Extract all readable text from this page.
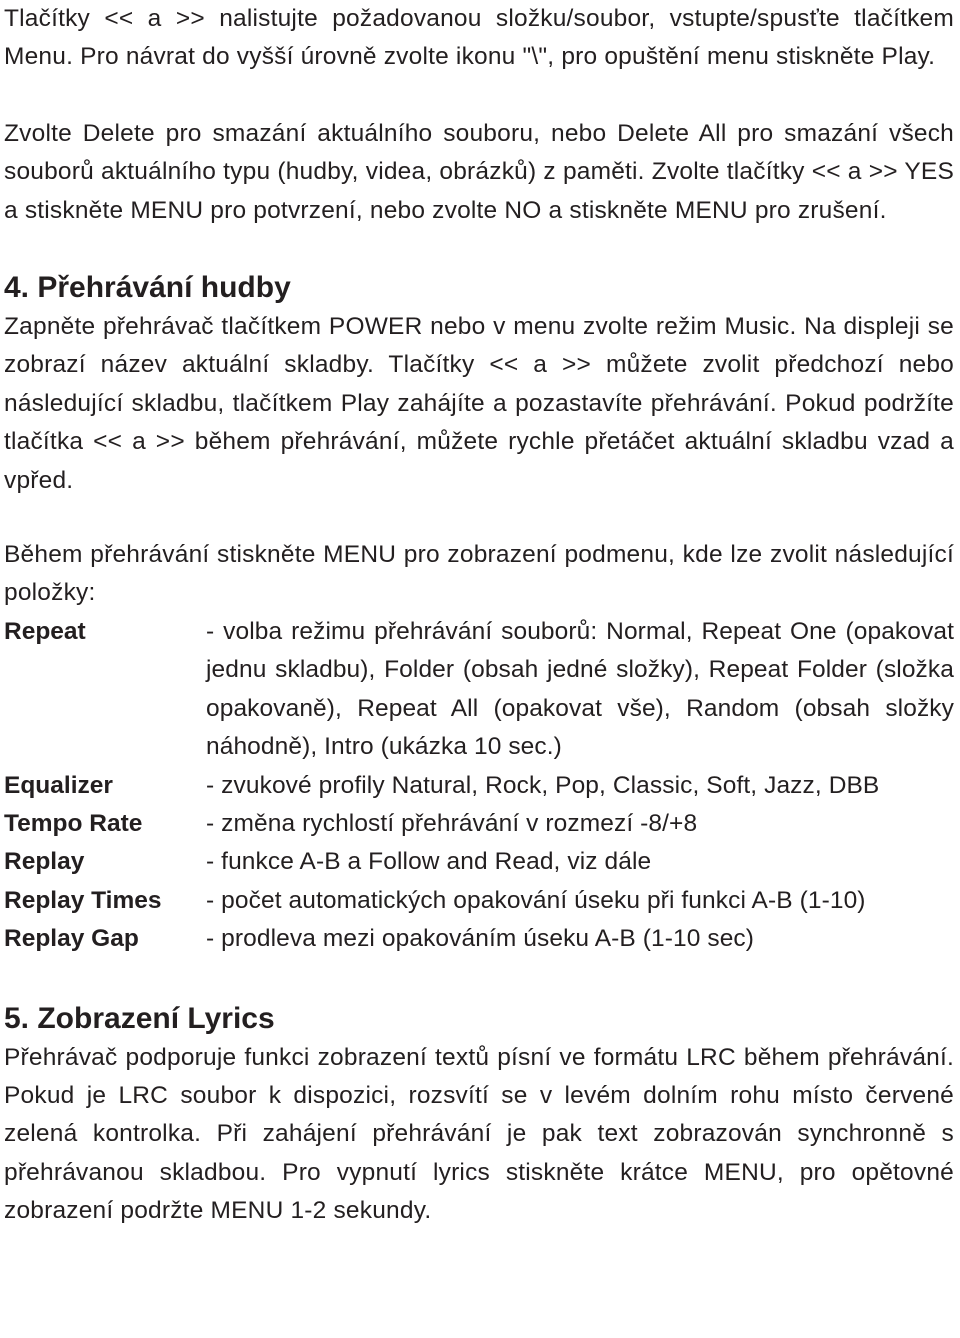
Tlačítky << a >> nalistujte požadovanou složku/soubor, vstupte/spusťte tlačítkem Menu. Pro návrat do vyšší úrovně zvolte ikonu "\", pro opuštění menu stiskněte Play.

Zvolte Delete pro smazání aktuálního souboru, nebo Delete All pro smazání všech souborů aktuálního typu (hudby, videa, obrázků) z paměti. Zvolte tlačítky << a >> YES a stiskněte MENU pro potvrzení, nebo zvolte NO a stiskněte MENU pro zrušení.

4. Přehrávání hudby

Zapněte přehrávač tlačítkem POWER nebo v menu zvolte režim Music. Na displeji se zobrazí název aktuální skladby. Tlačítky << a >> můžete zvolit předchozí nebo následující skladbu, tlačítkem Play zahájíte a pozastavíte přehrávání. Pokud podržíte tlačítka << a >> během přehrávání, můžete rychle přetáčet aktuální skladbu vzad a vpřed.

Během přehrávání stiskněte MENU pro zobrazení podmenu, kde lze zvolit následující položky:

Repeat	- volba režimu přehrávání souborů: Normal, Repeat One (opakovat jednu skladbu), Folder (obsah jedné složky), Repeat Folder (složka opakovaně), Repeat All (opakovat vše), Random (obsah složky náhodně), Intro (ukázka 10 sec.)
Equalizer	- zvukové profily Natural, Rock, Pop, Classic, Soft, Jazz, DBB
Tempo Rate	- změna rychlostí přehrávání v rozmezí -8/+8
Replay	- funkce A-B a Follow and Read, viz dále
Replay Times	- počet automatických opakování úseku při funkci A-B (1-10)
Replay Gap	- prodleva mezi opakováním úseku A-B (1-10 sec)
5. Zobrazení Lyrics

Přehrávač podporuje funkci zobrazení textů písní ve formátu LRC během přehrávání. Pokud je LRC soubor k dispozici, rozsvítí se v levém dolním rohu místo červené zelená kontrolka. Při zahájení přehrávání je pak text zobrazován synchronně s přehrávanou skladbou. Pro vypnutí lyrics stiskněte krátce MENU, pro opětovné zobrazení podržte MENU 1-2 sekundy.
